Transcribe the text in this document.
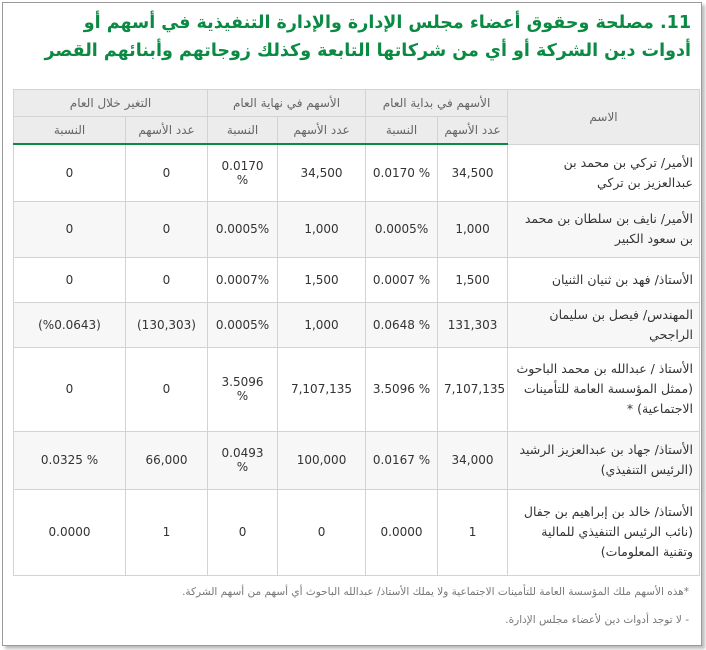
11. مصلحة وحقوق أعضاء مجلس الإدارة والإدارة التنفيذية في أسهم أو
أدوات دين الشركة أو أي من شركاتها التابعة وكذلك زوجاتهم وأبنائهم القصر
الاسم	الأسهم في بداية العام		الأسهم في نهاية العام		التغير خلال العام	
	عدد الأسهم	النسبة	عدد الأسهم	النسبة	عدد الأسهم	النسبة
الأمير/ تركي بن محمد بن عبدالعزيز بن تركي	34,500	0.0170 %	34,500	0.0170 %	0	0
الأمير/ نايف بن سلطان بن محمد بن سعود الكبير	1,000	0.0005%	1,000	0.0005%	0	0
الأستاذ/ فهد بن ثنيان الثنيان	1,500	0.0007 %	1,500	0.0007%	0	0
المهندس/ فيصل بن سليمان الراجحي	131,303	0.0648 %	1,000	0.0005%	(130,303)	(%0.0643)
الأستاذ / عبدالله بن محمد الباحوث (ممثل المؤسسة العامة للتأمينات الاجتماعية) *	7,107,135	3.5096 %	7,107,135	3.5096 %	0	0
الأستاذ/ جهاد بن عبدالعزيز الرشيد (الرئيس التنفيذي)	34,000	0.0167 %	100,000	0.0493 %	66,000	0.0325 %
الأستاذ/ خالد بن إبراهيم بن جفال (نائب الرئيس التنفيذي للمالية وتقنية المعلومات)	1	0.0000	0	0	1	0.0000

*هذه الأسهم ملك المؤسسة العامة للتأمينات الاجتماعية ولا يملك الأستاذ/ عبدالله الباحوث أي أسهم من أسهم الشركة.

- لا توجد أدوات دين لأعضاء مجلس الإدارة.
